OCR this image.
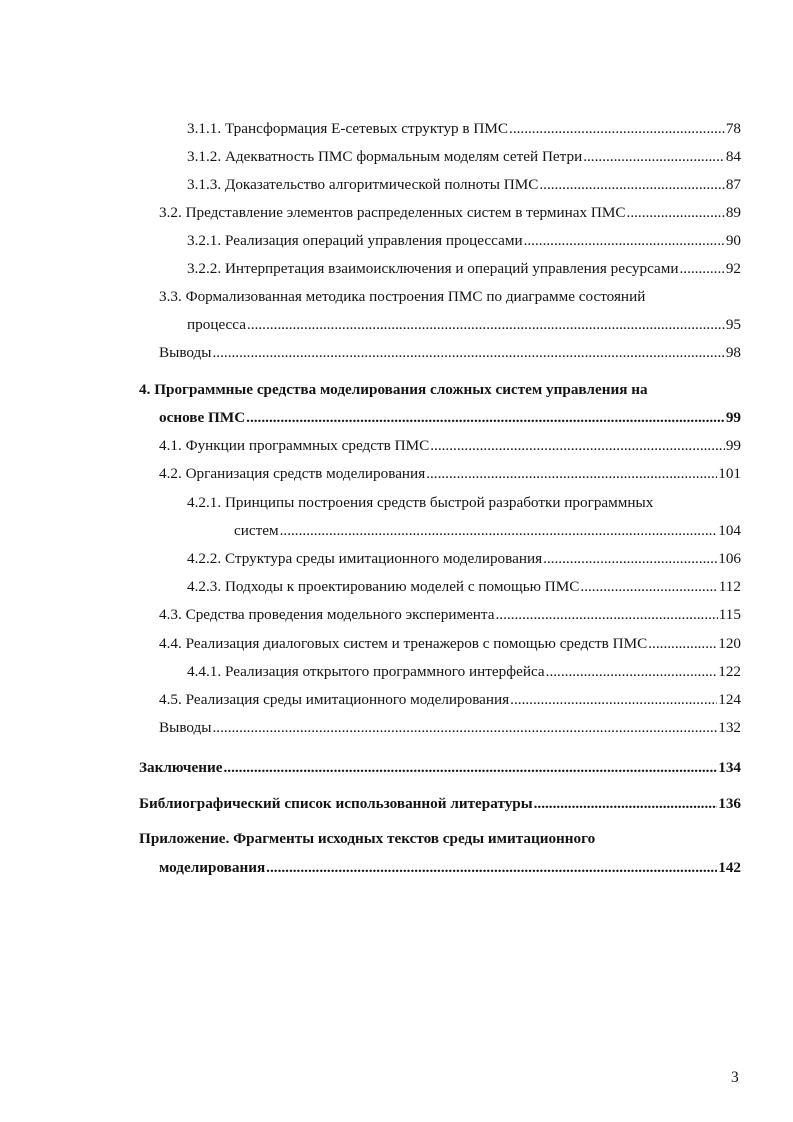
3.1.1. Трансформация Е-сетевых структур в ПМС .....	78
3.1.2. Адекватность ПМС формальным моделям сетей Петри .....	84
3.1.3. Доказательство алгоритмической полноты ПМС .....	87
3.2. Представление элементов распределенных систем в терминах ПМС .....	89
3.2.1. Реализация операций управления процессами .....	90
3.2.2. Интерпретация взаимоисключения и операций управления ресурсами .....	92
3.3. Формализованная методика построения ПМС по диаграмме состояний
процесса .....	95
Выводы .....	98
4. Программные средства моделирования сложных систем управления на
основе ПМС .....	99
4.1. Функции программных средств ПМС .....	99
4.2. Организация средств моделирования .....	101
4.2.1. Принципы построения средств быстрой разработки программных
систем .....	104
4.2.2. Структура среды имитационного моделирования .....	106
4.2.3. Подходы к проектированию моделей с помощью ПМС .....	112
4.3. Средства проведения модельного эксперимента .....	115
4.4. Реализация диалоговых систем и тренажеров с помощью средств ПМС .....	120
4.4.1. Реализация открытого программного интерфейса .....	122
4.5. Реализация среды имитационного моделирования .....	124
Выводы .....	132
Заключение .....	134
Библиографический список использованной литературы .....	136
Приложение. Фрагменты исходных текстов среды имитационного
моделирования .....	142
3
